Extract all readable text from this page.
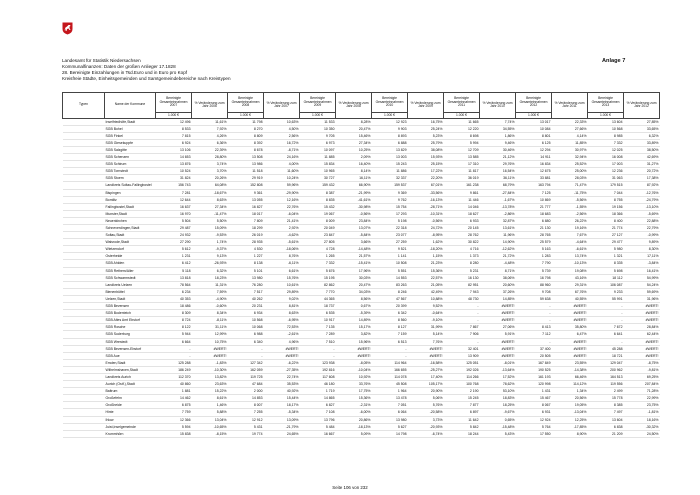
Landesamt für Statistik Niedersachsen
Kommunalfinanzen: Daten der großen Anlieger 17.1828
28. Bereinigte Einzahlungen in Tsd.Euro und in Euro pro Kopf
Kreisfreie Städte, Einheitsgemeinden und Samtgemeindebereiche nach Kreistypen
Anlage 7
Typen	Name der Kommune	Bereinigte Gesamteinnahmen 2007	% Veränderung zum Jahr 2006	Bereinigte Gesamteinnahmen 2008	% Veränderung zum Jahr 2007	Bereinigte Gesamteinnahmen 2009	% Veränderung zum Jahr 2008	Bereinigte Gesamteinnahmen 2010	% Veränderung zum Jahr 2009	Bereinigte Gesamteinnahmen 2011	% Veränderung zum Jahr 2010	Bereinigte Gesamteinnahmen 2012	% Veränderung zum Jahr 2011	Bereinigte Gesamteinnahmen 2013	% Veränderung zum Jahr 2012
		1.000 €		1.000 €		1.000 €		1.000 €		1.000 €		1.000 €		1.000 €	
	Inselfriedhöfe,Stadt	12 496	11,61%	11 798	10,63%	11 533	8,28%	12 923	16,75%	11 665	7,74%	13 017	22,33%	13 604	27,85%
	SGB Bohel	8 533	7,92%	8 270	4,50%	10 350	20,47%	9 903	25,24%	12 220	34,55%	10 084	27,66%	10 568	33,65%
	SGB Finkel	7 815	4,26%	8 809	2,56%	9 705	15,46%	8 893	5,23%	8 698	1,86%	8 801	4,14%	8 985	6,32%
	SGB Giesekuppfe	6 924	6,36%	8 392	16,72%	6 973	27,34%	6 888	25,79%	5 994	9,46%	6 125	11,85%	7 332	33,89%
	SGB Salzgitte	13 106	22,39%	8 678	-8,71%	10 097	10,25%	13 829	38,08%	12 709	30,46%	12 294	30,97%	12 025	38,50%
	SGB Schenzen	14 653	28,80%	13 508	24,16%	11 885	2,09%	13 003	15,93%	13 585	21,12%	14 911	32,94%	16 008	42,69%
	SGB Schirum	13 876	3,74%	13 986	4,00%	15 834	16,40%	15 243	25,15%	17 310	29,76%	16 834	25,52%	17 003	31,27%
	SGB Tornstedt	10 524	3,70%	11 518	11,60%	10 965	8,14%	11 886	17,22%	11 817	16,54%	12 675	25,00%	12 236	20,72%
	SGB Stoem	31 824	20,26%	29 919	10,24%	30 727	16,11%	32 337	22,20%	36 019	36,11%	33 881	28,03%	31 063	17,38%
	Landkreis Soltau-Fallingbostel	156 743	64,08%	152 808	59,96%	159 432	66,90%	159 537	67,01%	161 238	68,79%	163 794	71,47%	179 515	87,92%
	Bispingen	7 281	-18,67%	9 361	-29,90%	8 387	-21,99%	9 369	-33,56%	9 861	-27,84%	7 125	-11,75%	7 044	-12,76%
	Bomlitz	12 644	8,63%	13 055	12,16%	8 835	-41,61%	9 762	-16,13%	11 446	-1,67%	10 869	-5,56%	8 755	-24,79%
	Fallingbostel,Stadt	16 637	27,34%	16 827	22,76%	15 432	-30,98%	15 754	-28,71%	14 046	-13,78%	21 777	-1,55%	19 156	-13,10%
	Munster,Stadt	16 970	-11,47%	18 017	-6,04%	19 067	-0,56%	17 293	-10,31%	18 627	-2,86%	18 683	-2,56%	18 366	-5,69%
	Neuenkirchen	5 504	5,50%	7 809	21,41%	8 009	23,84%	5 198	-0,56%	6 933	32,87%	6 880	26,22%	8 400	22,88%
	Schneverdingen,Stadt	29 487	15,09%	18 299	2,92%	20 049	13,07%	22 318	24,72%	20 145	13,61%	21 130	19,16%	21 774	22,79%
	Soltau,Stadt	24 932	-9,53%	26 019	-4,62%	23 847	-5,84%	23 077	-8,95%	28 762	11,96%	28 765	7,67%	27 127	-0,99%
	Walsrode,Stadt	27 290	1,74%	28 935	-5,61%	27 805	3,66%	27 259	1,62%	30 822	14,90%	25 579	-4,64%	29 477	9,89%
	Wietzendorf	5 612	-9,37%	4 530	-18,06%	4 728	-14,48%	9 521	-18,20%	4 716	-12,62%	5 163	-6,61%	5 980	8,30%
	Osterheide	1 231	9,13%	1 227	8,76%	1 265	21,57%	1 141	1,15%	1 373	21,72%	1 283	13,74%	1 321	17,11%
	SGB Ahlden	6 412	-26,93%	8 138	-6,11%	7 332	-15,41%	10 508	21,23%	8 280	-4,48%	7 790	-10,13%	8 335	-3,84%
	SGB Rethem/Aller	5 118	6,32%	5 101	6,61%	5 676	17,96%	5 551	15,36%	5 231	8,71%	5 739	19,08%	5 698	16,41%
	SGB Schwarmstedt	13 818	18,23%	13 980	15,76%	15 195	30,03%	14 553	22,57%	16 130	38,06%	16 798	43,16%	18 112	54,99%
	Landkreis Uelzen	78 564	11,31%	76 280	10,61%	82 862	20,47%	83 263	21,05%	82 951	20,60%	88 960	29,31%	106 087	54,24%
	Bienenbüttel	6 234	7,59%	7 517	29,89%	7 770	34,03%	8 246	42,49%	7 943	37,26%	9 708	67,76%	9 233	59,69%
	Uelzen,Stadt	40 353	-4,90%	40 262	9,02%	44 365	8,56%	47 567	10,88%	48 730	14,85%	59 638	40,55%	55 991	31,96%
	SGB Bevensen	18 486	-0,60%	20 231	8,81%	18 737	0,67%	20 399	9,52%	-	#WERT!	-	#WERT!	-	#WERT!
	SGB Bodenteich	8 309	8,34%	6 934	8,63%	6 535	-5,39%	6 342	-0,64%	-	#WERT!	-	#WERT!	-	#WERT!
	SGB Altes Amt Ebstorf	8 724	-8,11%	10 568	-6,95%	10 917	14,89%	8 560	-9,10%	-	#WERT!	-	#WERT!	-	#WERT!
	SGB Rosche	8 122	31,11%	10 068	72,53%	7 135	15,17%	8 127	31,99%	7 867	27,06%	8 413	35,80%	7 672	28,84%
	SGB Suderburg	5 944	12,99%	6 988	-2,61%	7 289	3,82%	7 159	5,14%	7 906	5,91%	7 112	6,47%	6 641	62,44%
	SGB Wrestedt	6 664	10,75%	6 340	4,96%	7 510	15,96%	6 513	7,76%	-	#WERT!	-	#WERT!	-	#WERT!
	SGB Bevensen-Ebstorf	-	#WERT!	-	#WERT!	-	#WERT!	-	#WERT!	32 401	#WERT!	37 400	#WERT!	45 288	#WERT!
	SGB Aue	-	#WERT!	-	#WERT!	-	#WERT!	-	#WERT!	13 909	#WERT!	20 505	#WERT!	18 721	#WERT!
	Emden,Stadt	125 288	-1,83%	127 342	-6,22%	123 938	-8,05%	114 964	-16,58%	125 051	-8,01%	167 849	23,55%	129 047	-8,75%
	Wilhelmshaven,Stadt	186 249	-10,30%	162 059	-27,35%	192 816	-10,04%	166 655	-25,27%	192 026	-13,64%	190 525	-14,38%	200 962	-9,81%
	Landkreis Aurich	112 370	13,82%	119 725	22,74%	117 608	10,92%	114 078	17,40%	114 266	17,52%	161 193	66,46%	164 513	69,25%
	Aurich (Ostf.),Stadt	40 860	23,63%	47 684	35,53%	46 180	33,76%	45 508	105,17%	100 768	78,62%	120 998	114,12%	119 556	207,84%
	Baltrum	1 881	15,22%	2 000	40,92%	1 719	17,75%	1 964	20,90%	2 190	53,10%	1 431	1,34%	2 499	71,28%
	Großefehn	14 462	8,61%	14 853	15,44%	14 865	15,36%	13 478	5,06%	15 245	18,83%	15 467	20,56%	15 778	22,99%
	Großheide	6 875	1,46%	8 007	18,17%	6 827	-2,31%	7 051	5,76%	7 877	18,25%	8 067	19,05%	8 385	23,75%
	Hinte	7 759	5,88%	7 255	-5,34%	7 108	-6,00%	6 064	-20,58%	6 897	-9,67%	6 931	-13,04%	7 497	-1,81%
	Ihlow	12 366	13,04%	12 912	13,09%	13 796	20,86%	13 980	3,73%	11 642	0,65%	12 924	12,25%	13 604	18,16%
	Juist,Inselgemeinde	5 594	-10,65%	5 431	-21,79%	5 484	-18,13%	5 627	-20,93%	5 842	-15,48%	5 764	-17,85%	6 838	-30,32%
	Krummhörn	15 838	-8,15%	19 774	24,65%	16 667	5,09%	14 798	-6,74%	18 244	5,43%	17 550	8,90%	21 209	24,50%
Seite 106 von 232
